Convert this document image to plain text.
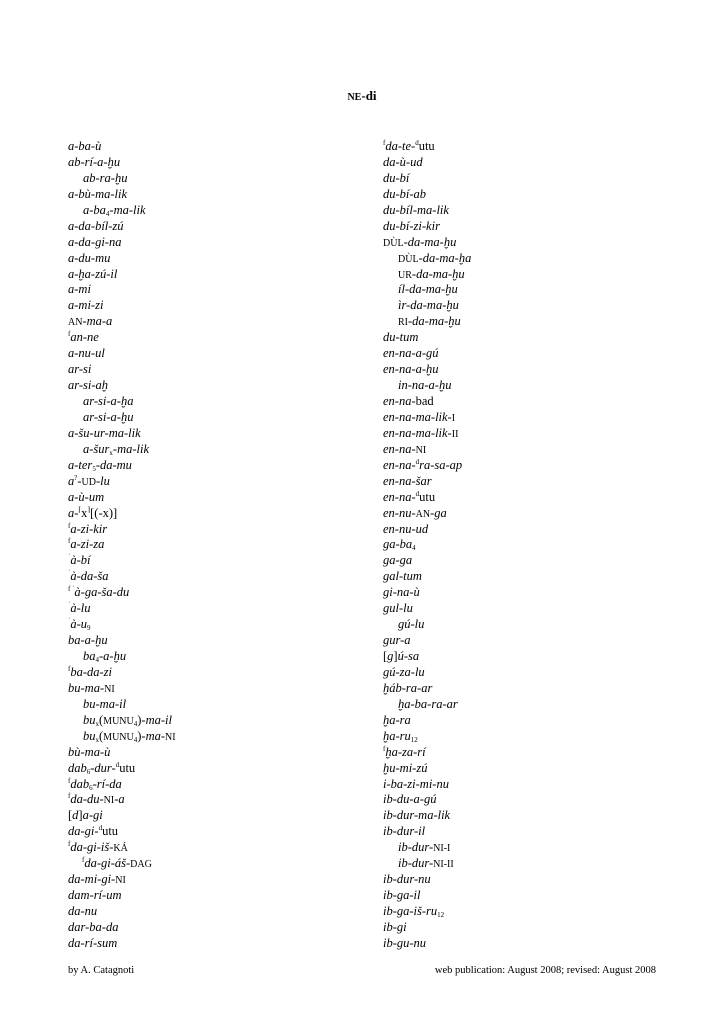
NE-di
a-ba-ù
ab-rí-a-ḫu
ab-ra-ḫu
a-bù-ma-lik
$a-ba_4-ma$-lik
a-da-bíl-zú
a-da-gi-na
a-du-mu
a-ḫa-zú-il
a-mi
a-mi-zi
AN-ma-a
$^f$an-ne
a-nu-ul
ar-si
ar-si-aḫ
ar-si-a-ḫa
ar-si-a-ḫu
a-šu-ur-ma-lik
a-šur$_x$-ma-lik
a-ter$_5$-da-mu
a?-UD-lu
a-ù-um
a-⌈x⌉[(-x)]
$^f$a-zi-kir
$^f$a-zi-za
$^ʾ$à-bí
$^ʾ$à-da-ša
$^{f ʾ}$à-ga-ša-du
$^ʾ$à-lu
$^ʾà-u_9$
ba-a-ḫu
$ba_4-a-ḫu$
$^f$ba-da-zi
bu-ma-NI
bu-ma-il
$bu_x(MUNU_4)-ma-il$
$bu_x(MUNU_4)-ma-NI$
bù-ma-ù
dab$_6$-dur-$^d$utu
$^f$dab$_6$-rí-da
$^f$da-du-NI-a
[d]a-gi
da-gi-$^d$utu
$^f$da-gi-iš-KÁ
$^f$da-gi-áš-DAG
da-mi-gi-NI
dam-rí-um
da-nu
dar-ba-da
da-rí-sum
$^f$da-te-$^d$utu
da-ù-ud
du-bí
du-bí-ab
du-bíl-ma-lik
du-bí-zi-kir
DÙL-da-ma-ḫu
DÙL-da-ma-ḫa
UR-da-ma-ḫu
íl-da-ma-ḫu
ìr-da-ma-ḫu
RI-da-ma-ḫu
du-tum
en-na-a-gú
en-na-a-ḫu
in-na-a-ḫu
en-na-bad
en-na-ma-lik-I
en-na-ma-lik-II
en-na-NI
en-na-$^d$ra-sa-ap
en-na-šar
en-na-$^d$utu
en-nu-AN-ga
en-nu-ud
$ga-ba_4$
ga-ga
gal-tum
gi-na-ù
gul-lu
gú-lu
gur-a
[g]ú-sa
gú-za-lu
ḫáb-ra-ar
ḫa-ba-ra-ar
ḫa-ra
$ḫa-ru_{12}$
$^f$ḫa-za-rí
ḫu-mi-zú
i-ba-zi-mi-nu
ib-du-a-gú
ib-dur-ma-lik
ib-dur-il
ib-dur-NI-I
ib-dur-NI-II
ib-dur-nu
ib-ga-il
$ib-ga-iš-ru_{12}$
ib-gi
ib-gu-nu
by A. Catagnoti	web publication: August 2008; revised: August 2008
